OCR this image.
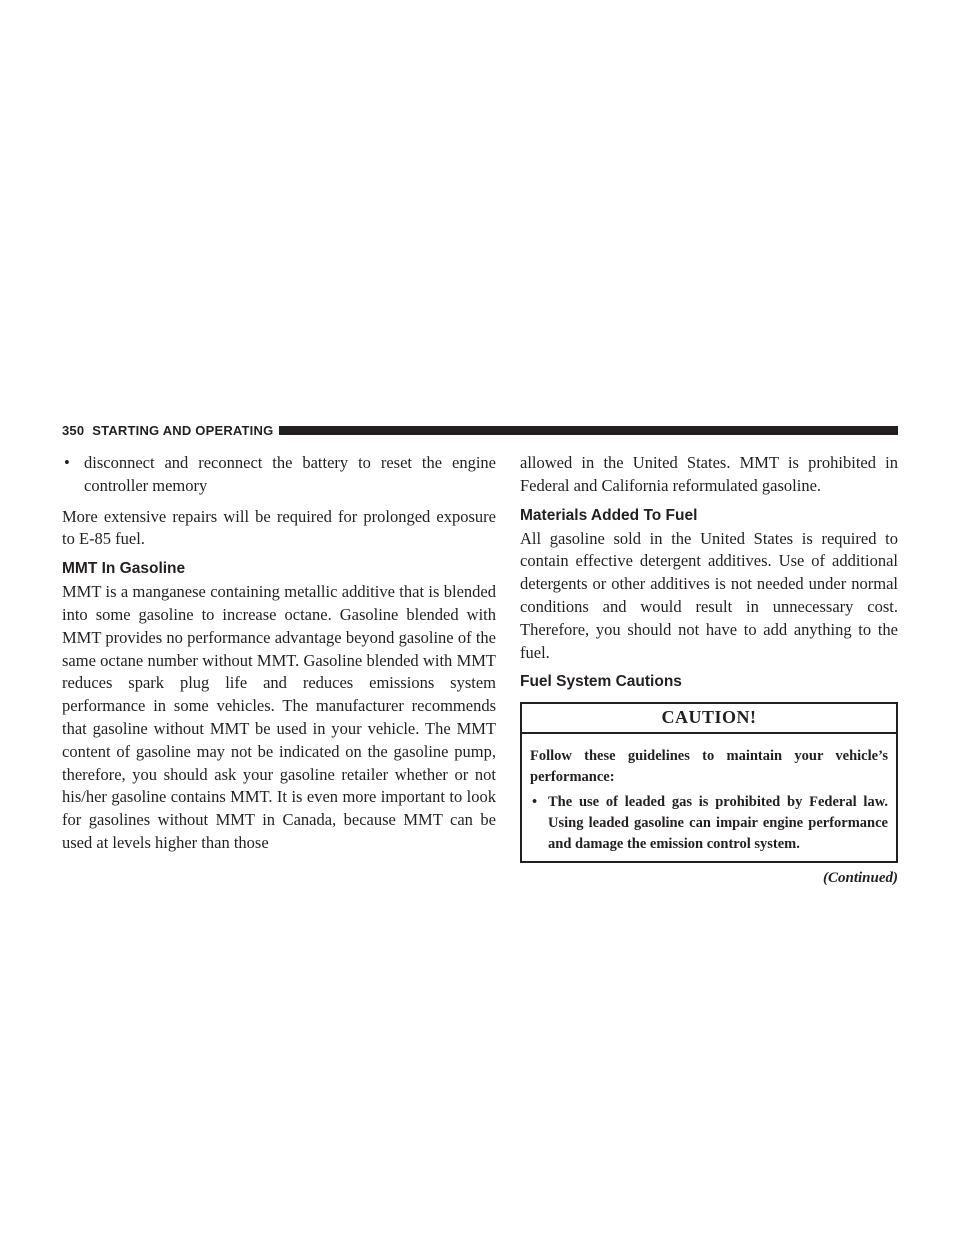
350 STARTING AND OPERATING
• disconnect and reconnect the battery to reset the engine controller memory

More extensive repairs will be required for prolonged exposure to E-85 fuel.

MMT In Gasoline

MMT is a manganese containing metallic additive that is blended into some gasoline to increase octane. Gasoline blended with MMT provides no performance advantage beyond gasoline of the same octane number without MMT. Gasoline blended with MMT reduces spark plug life and reduces emissions system performance in some vehicles. The manufacturer recommends that gasoline without MMT be used in your vehicle. The MMT content of gasoline may not be indicated on the gasoline pump, therefore, you should ask your gasoline retailer whether or not his/her gasoline contains MMT. It is even more important to look for gasolines without MMT in Canada, because MMT can be used at levels higher than those

allowed in the United States. MMT is prohibited in Federal and California reformulated gasoline.

Materials Added To Fuel

All gasoline sold in the United States is required to contain effective detergent additives. Use of additional detergents or other additives is not needed under normal conditions and would result in unnecessary cost. Therefore, you should not have to add anything to the fuel.

Fuel System Cautions
CAUTION!

Follow these guidelines to maintain your vehicle’s performance:

• The use of leaded gas is prohibited by Federal law. Using leaded gasoline can impair engine performance and damage the emission control system.
(Continued)
